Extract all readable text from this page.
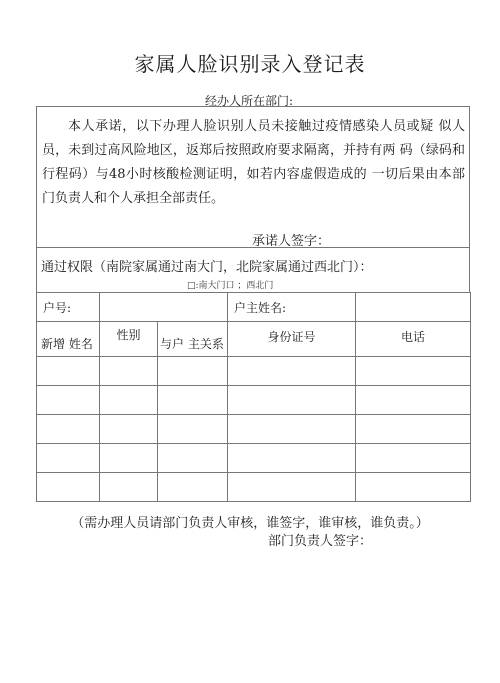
家属人脸识别录入登记表
经办人所在部门:

本人承诺，以下办理人脸识别人员未接触过疫情感染人员或疑 似人员，未到过高风险地区，返郑后按照政府要求隔离，并持有两 码（绿码和行程码）与48小时核酸检测证明，如若内容虚假造成的 一切后果由本部门负责人和个人承担全部责任。

承诺人签字：
通过权限（南院家属通过南大门，北院家属通过西北门）：
□:南大门口 ；西北门
户号:			户主姓名:	
新增 姓名	性别	与户 主关系	身份证号	电话

（需办理人员请部门负责人审核，谁签字，谁审核，谁负责。）
部门负责人签字：
